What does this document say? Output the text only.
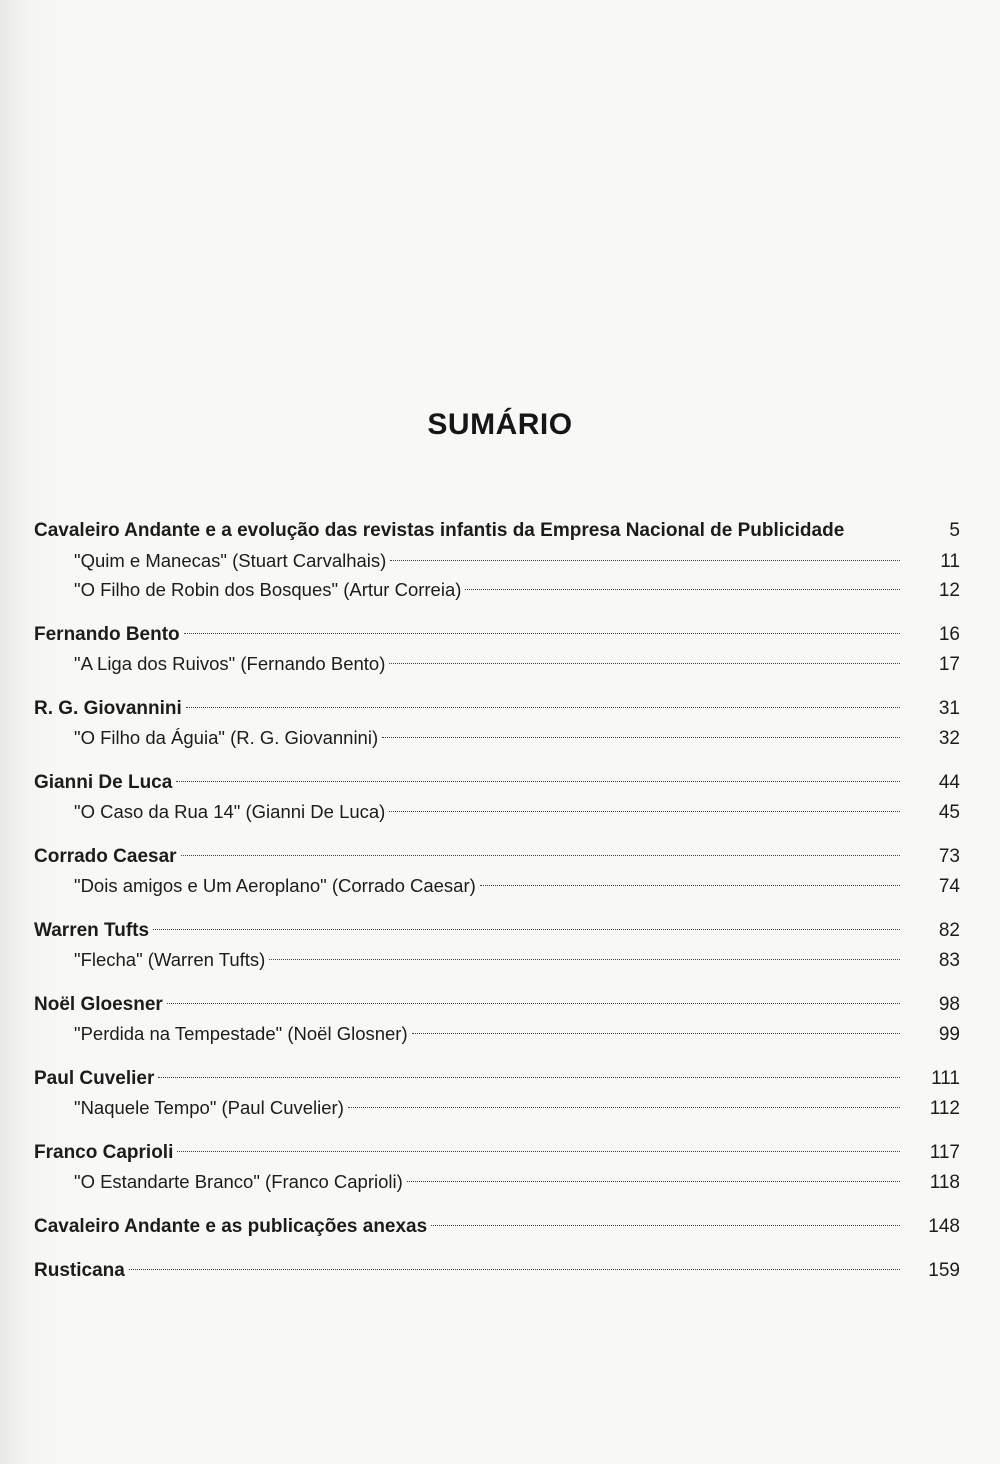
SUMÁRIO
Cavaleiro Andante e a evolução das revistas infantis da Empresa Nacional de Publicidade	5
"Quim e Manecas" (Stuart Carvalhais)	11
"O Filho de Robin dos Bosques" (Artur Correia)	12
Fernando Bento	16
"A Liga dos Ruivos" (Fernando Bento)	17
R. G. Giovannini	31
"O Filho da Águia" (R. G. Giovannini)	32
Gianni De Luca	44
"O Caso da Rua 14" (Gianni De Luca)	45
Corrado Caesar	73
"Dois amigos e Um Aeroplano" (Corrado Caesar)	74
Warren Tufts	82
"Flecha" (Warren Tufts)	83
Noël Gloesner	98
"Perdida na Tempestade" (Noël Glosner)	99
Paul Cuvelier	111
"Naquele Tempo" (Paul Cuvelier)	112
Franco Caprioli	117
"O Estandarte Branco" (Franco Caprioli)	118
Cavaleiro Andante e as publicações anexas	148
Rusticana	159
